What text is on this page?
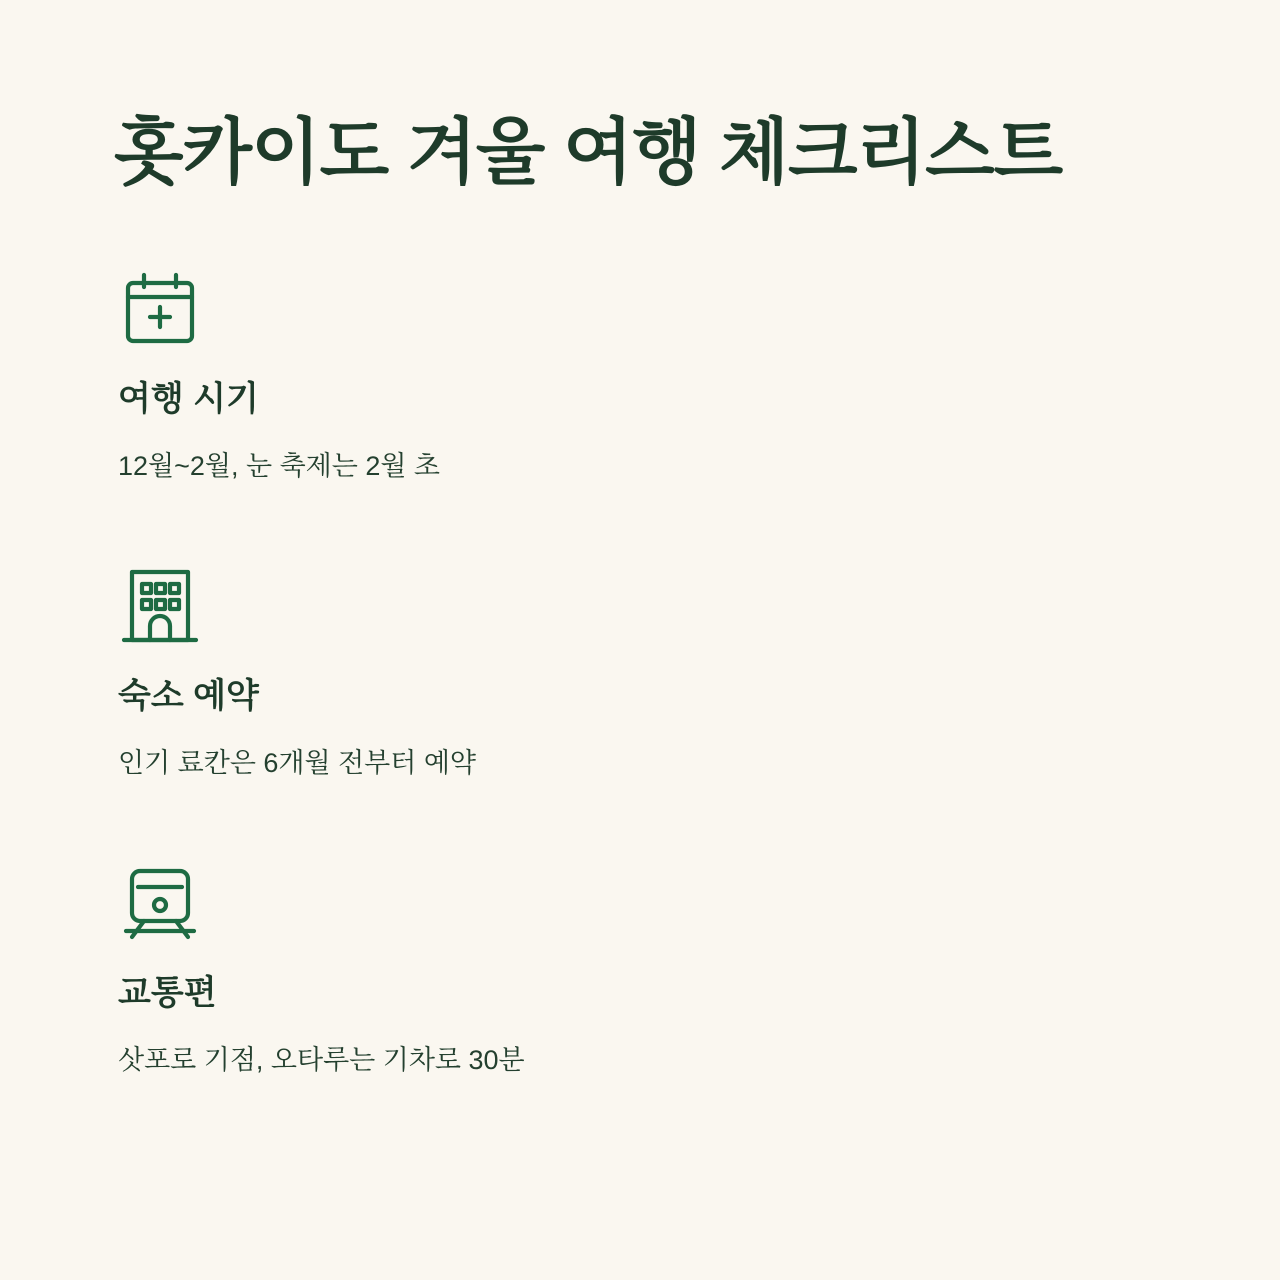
홋카이도 겨울 여행 체크리스트
여행 시기
12월~2월, 눈 축제는 2월 초
숙소 예약
인기 료칸은 6개월 전부터 예약
교통편
삿포로 기점, 오타루는 기차로 30분
